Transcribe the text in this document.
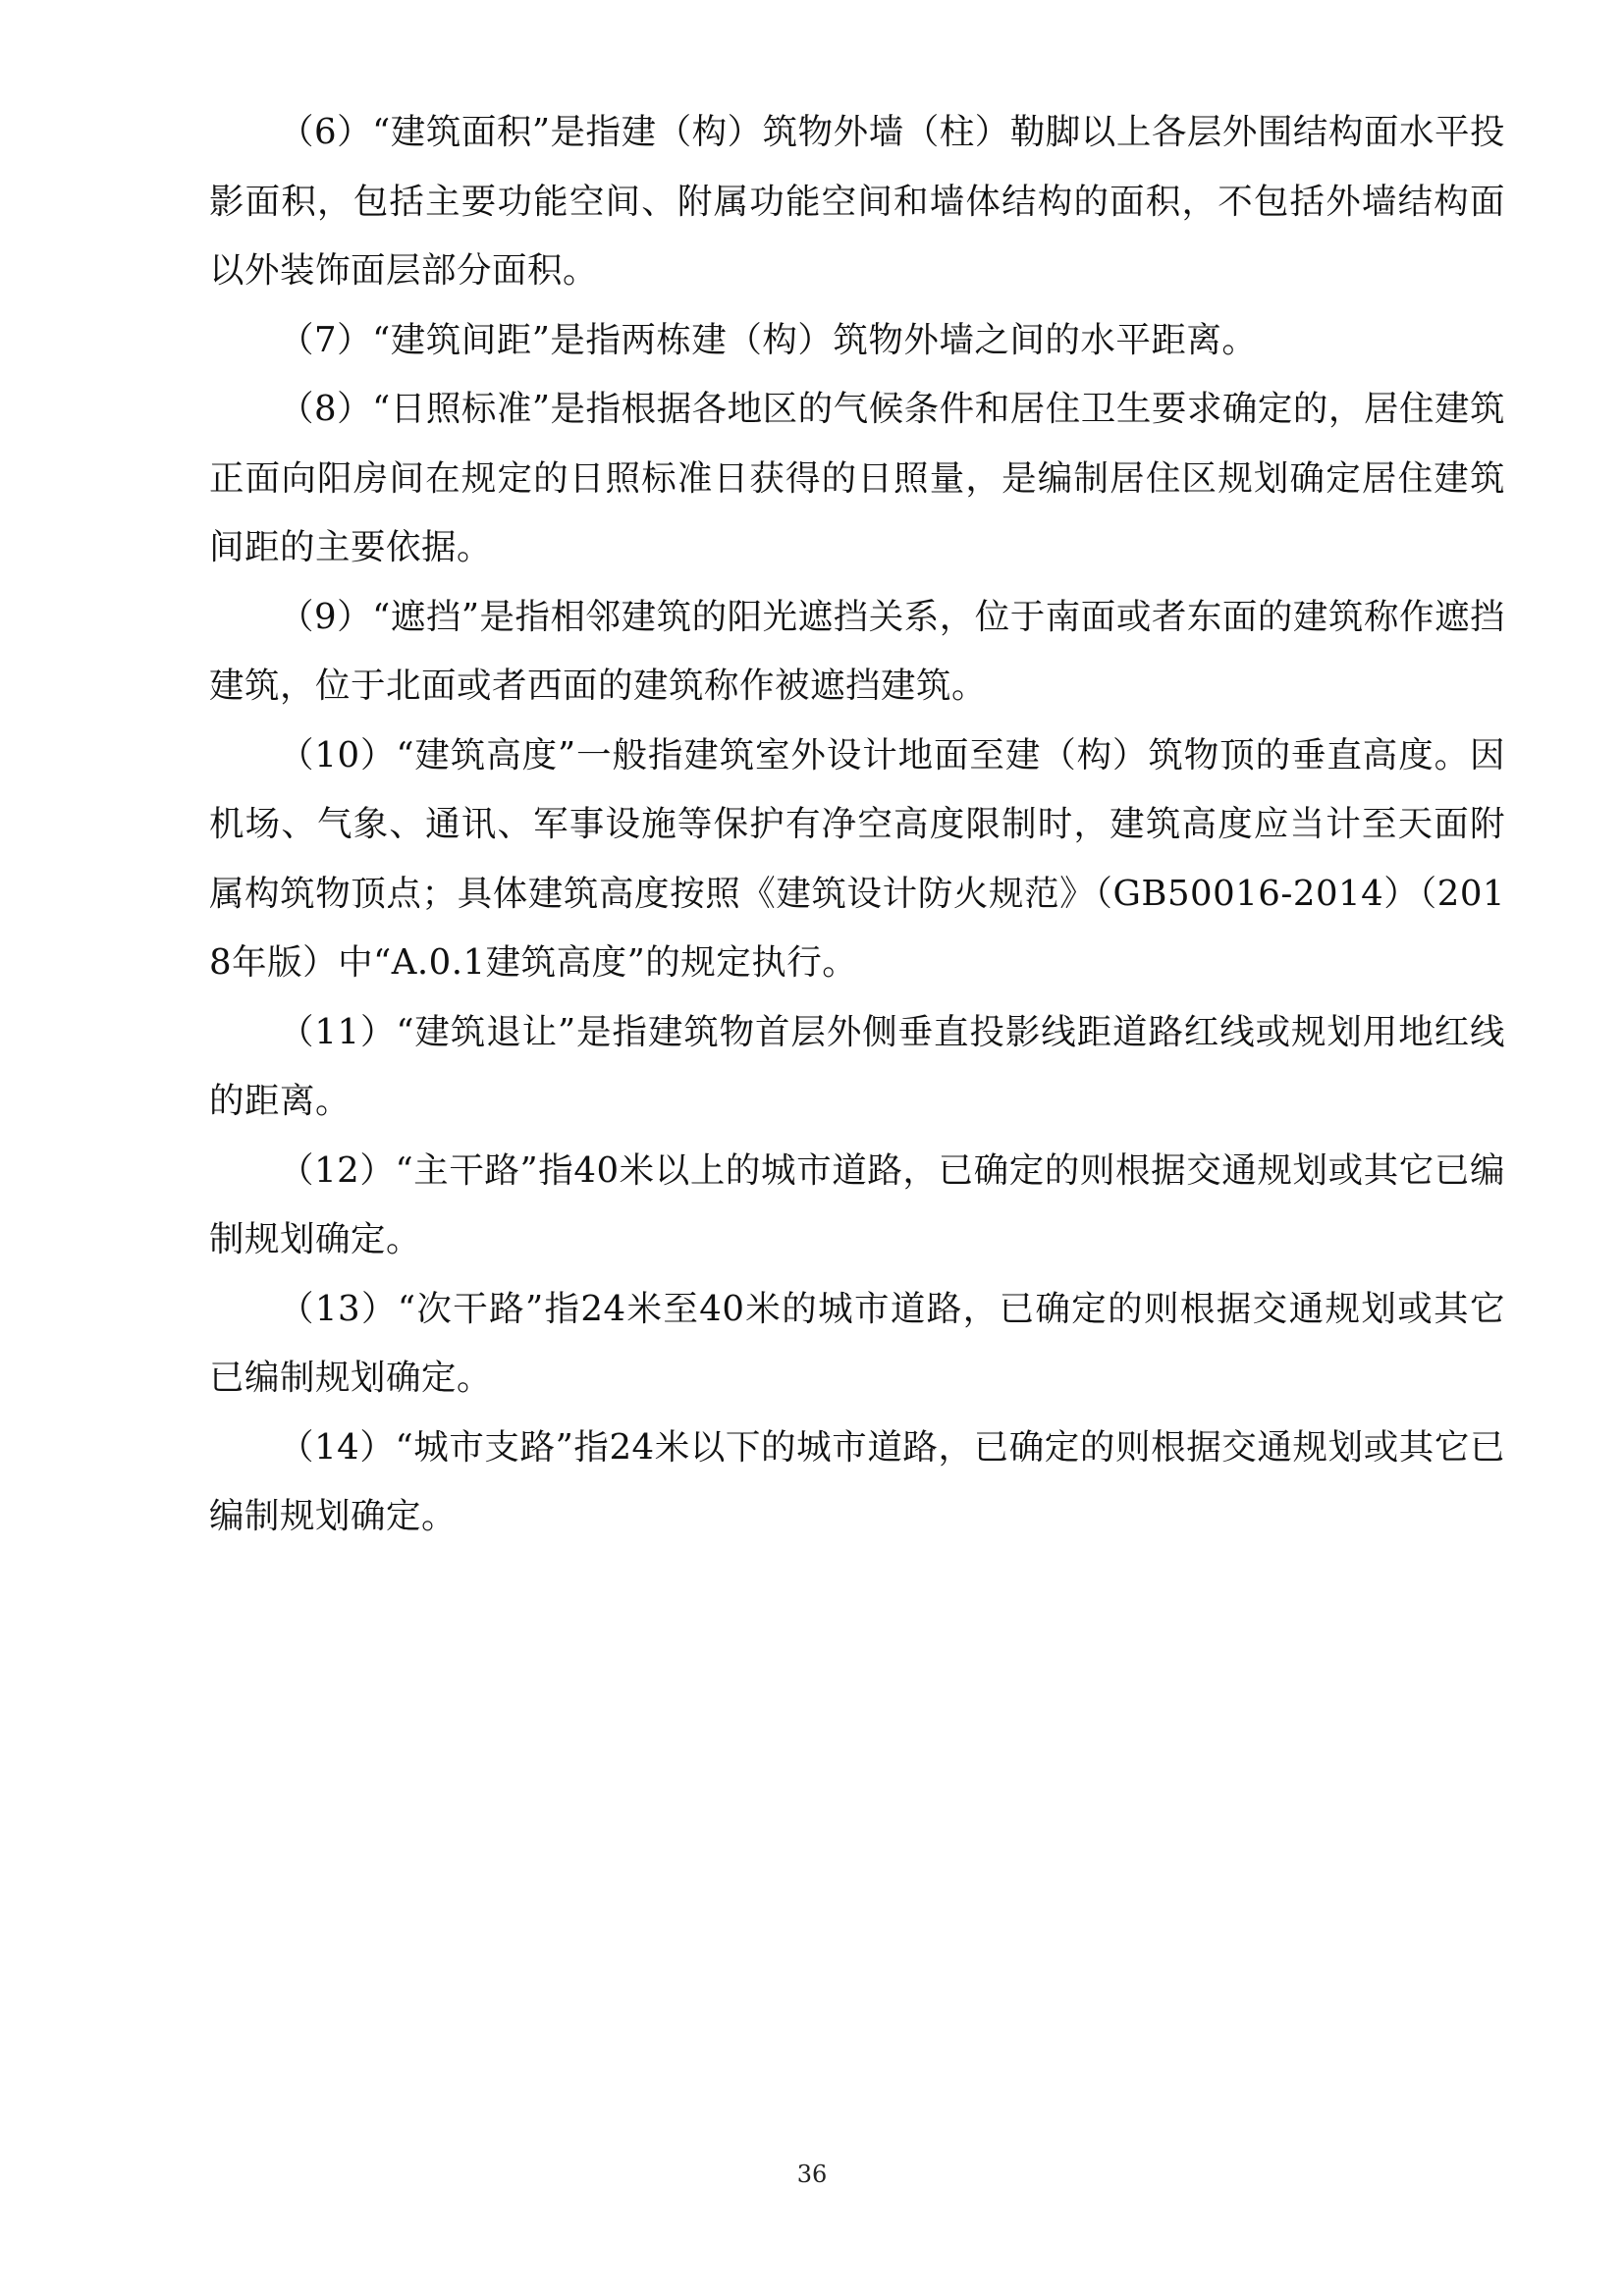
（6）“建筑面积”是指建（构）筑物外墙（柱）勒脚以上各层外围结构面水平投影面积，包括主要功能空间、附属功能空间和墙体结构的面积，不包括外墙结构面以外装饰面层部分面积。

（7）“建筑间距”是指两栋建（构）筑物外墙之间的水平距离。

（8）“日照标准”是指根据各地区的气候条件和居住卫生要求确定的，居住建筑正面向阳房间在规定的日照标准日获得的日照量，是编制居住区规划确定居住建筑间距的主要依据。

（9）“遮挡”是指相邻建筑的阳光遮挡关系，位于南面或者东面的建筑称作遮挡建筑，位于北面或者西面的建筑称作被遮挡建筑。

（10）“建筑高度”一般指建筑室外设计地面至建（构）筑物顶的垂直高度。因机场、气象、通讯、军事设施等保护有净空高度限制时，建筑高度应当计至天面附属构筑物顶点；具体建筑高度按照《建筑设计防火规范》（GB50016-2014）（2018年版）中“A.0.1建筑高度”的规定执行。

（11）“建筑退让”是指建筑物首层外侧垂直投影线距道路红线或规划用地红线的距离。

（12）“主干路”指40米以上的城市道路，已确定的则根据交通规划或其它已编制规划确定。

（13）“次干路”指24米至40米的城市道路，已确定的则根据交通规划或其它已编制规划确定。

（14）“城市支路”指24米以下的城市道路，已确定的则根据交通规划或其它已编制规划确定。

36
